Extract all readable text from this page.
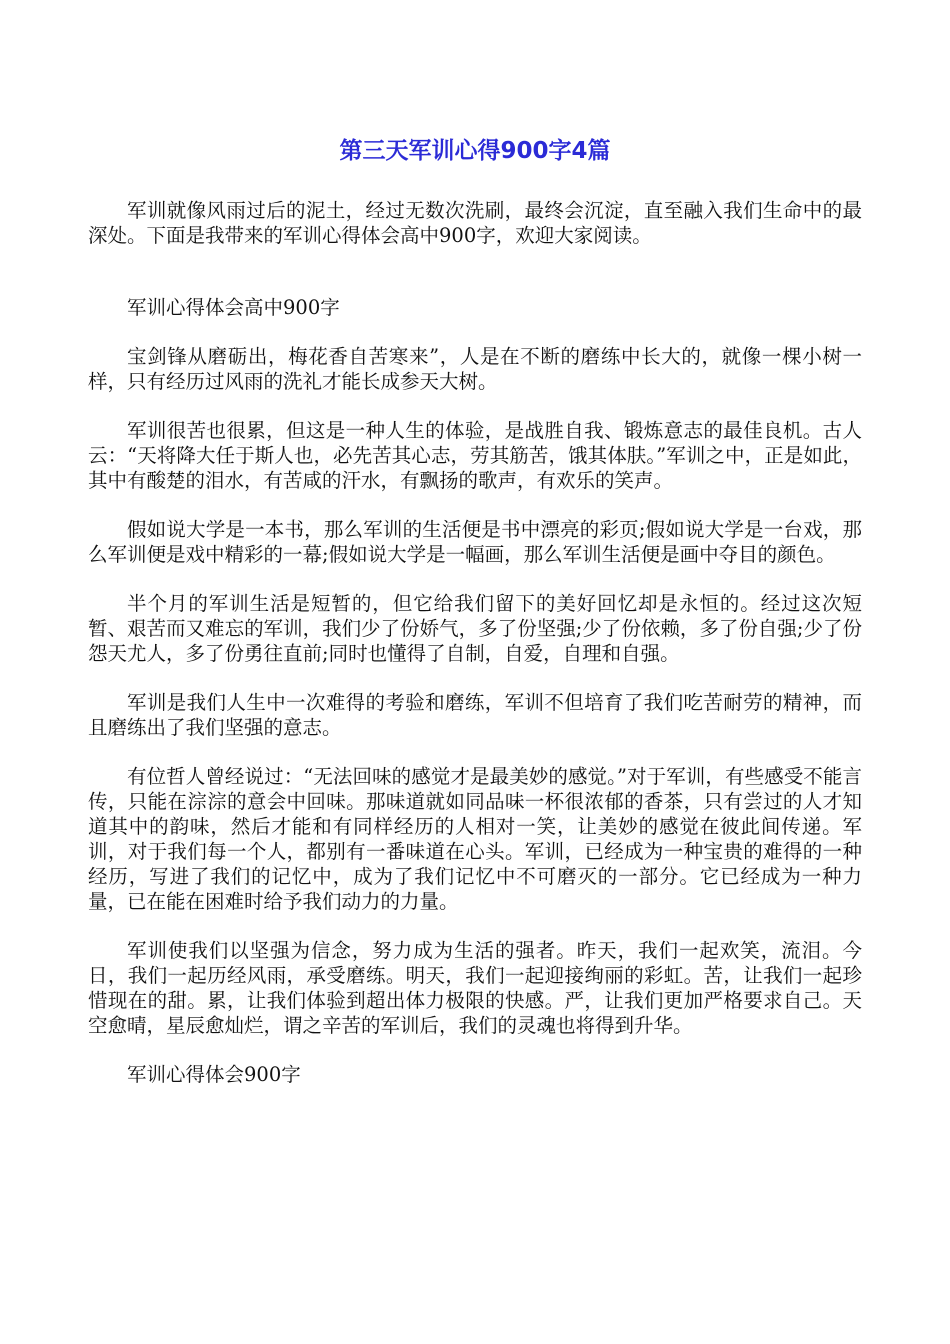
第三天军训心得900字4篇

军训就像风雨过后的泥土，经过无数次洗刷，最终会沉淀，直至融入我们生命中的最深处。下面是我带来的军训心得体会高中900字，欢迎大家阅读。

军训心得体会高中900字

宝剑锋从磨砺出，梅花香自苦寒来”，人是在不断的磨练中长大的，就像一棵小树一样，只有经历过风雨的洗礼才能长成参天大树。

军训很苦也很累，但这是一种人生的体验，是战胜自我、锻炼意志的最佳良机。古人云：“天将降大任于斯人也，必先苦其心志，劳其筋苦，饿其体肤。”军训之中，正是如此，其中有酸楚的泪水，有苦咸的汗水，有飘扬的歌声，有欢乐的笑声。

假如说大学是一本书，那么军训的生活便是书中漂亮的彩页;假如说大学是一台戏，那么军训便是戏中精彩的一幕;假如说大学是一幅画，那么军训生活便是画中夺目的颜色。

半个月的军训生活是短暂的，但它给我们留下的美好回忆却是永恒的。经过这次短暂、艰苦而又难忘的军训，我们少了份娇气，多了份坚强;少了份依赖，多了份自强;少了份怨天尤人，多了份勇往直前;同时也懂得了自制，自爱，自理和自强。

军训是我们人生中一次难得的考验和磨练，军训不但培育了我们吃苦耐劳的精神，而且磨练出了我们坚强的意志。

有位哲人曾经说过：“无法回味的感觉才是最美妙的感觉。”对于军训，有些感受不能言传，只能在淙淙的意会中回味。那味道就如同品味一杯很浓郁的香茶，只有尝过的人才知道其中的韵味，然后才能和有同样经历的人相对一笑，让美妙的感觉在彼此间传递。军训，对于我们每一个人，都别有一番味道在心头。军训，已经成为一种宝贵的难得的一种经历，写进了我们的记忆中，成为了我们记忆中不可磨灭的一部分。它已经成为一种力量，已在能在困难时给予我们动力的力量。

军训使我们以坚强为信念，努力成为生活的强者。昨天，我们一起欢笑，流泪。今日，我们一起历经风雨，承受磨练。明天，我们一起迎接绚丽的彩虹。苦，让我们一起珍惜现在的甜。累，让我们体验到超出体力极限的快感。严，让我们更加严格要求自己。天空愈晴，星辰愈灿烂，谓之辛苦的军训后，我们的灵魂也将得到升华。

军训心得体会900字
